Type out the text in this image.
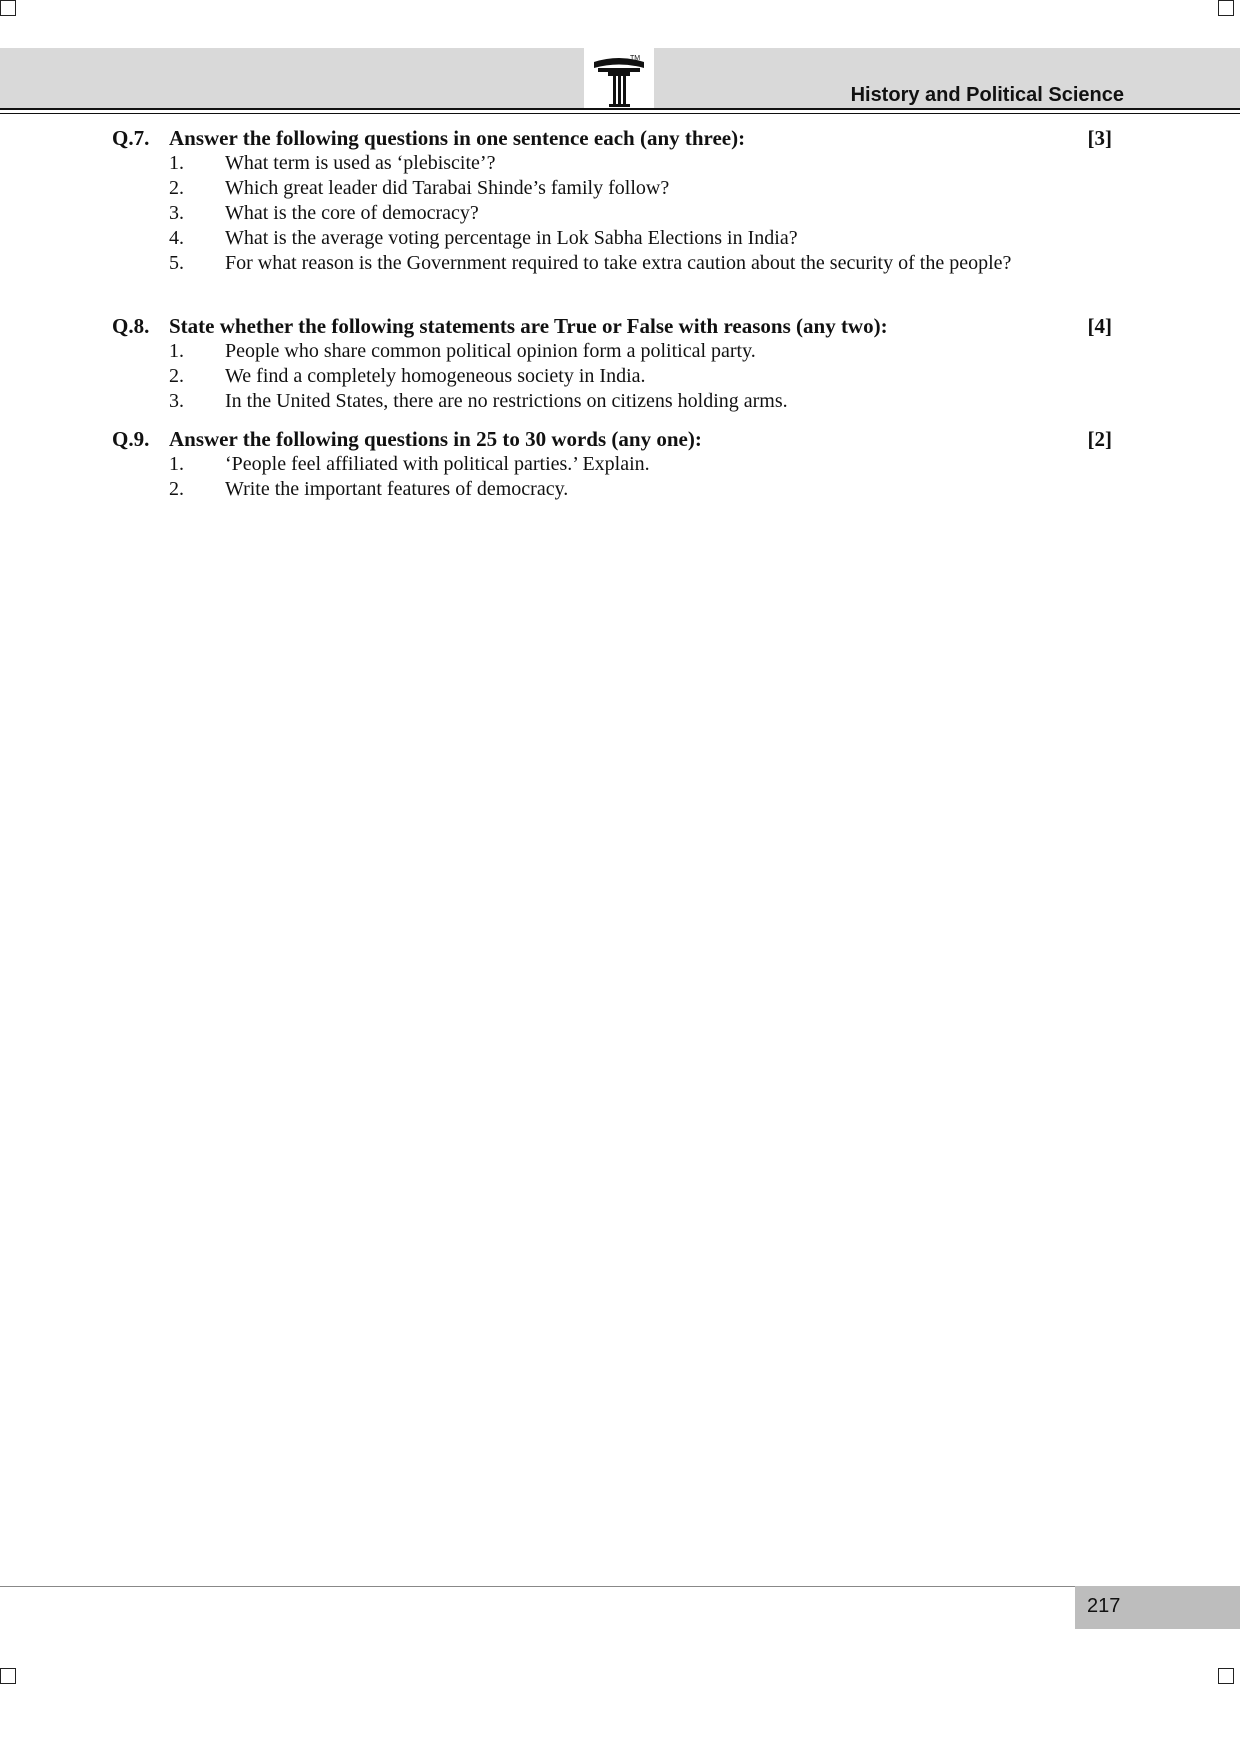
TM
History and Political Science
Q.7. Answer the following questions in one sentence each (any three):	[3]
1. What term is used as ‘plebiscite’?
2. Which great leader did Tarabai Shinde’s family follow?
3. What is the core of democracy?
4. What is the average voting percentage in Lok Sabha Elections in India?
5. For what reason is the Government required to take extra caution about the security of the people?
Q.8. State whether the following statements are True or False with reasons (any two):	[4]
1. People who share common political opinion form a political party.
2. We find a completely homogeneous society in India.
3. In the United States, there are no restrictions on citizens holding arms.
Q.9. Answer the following questions in 25 to 30 words (any one):	[2]
1. ‘People feel affiliated with political parties.’ Explain.
2. Write the important features of democracy.
217
